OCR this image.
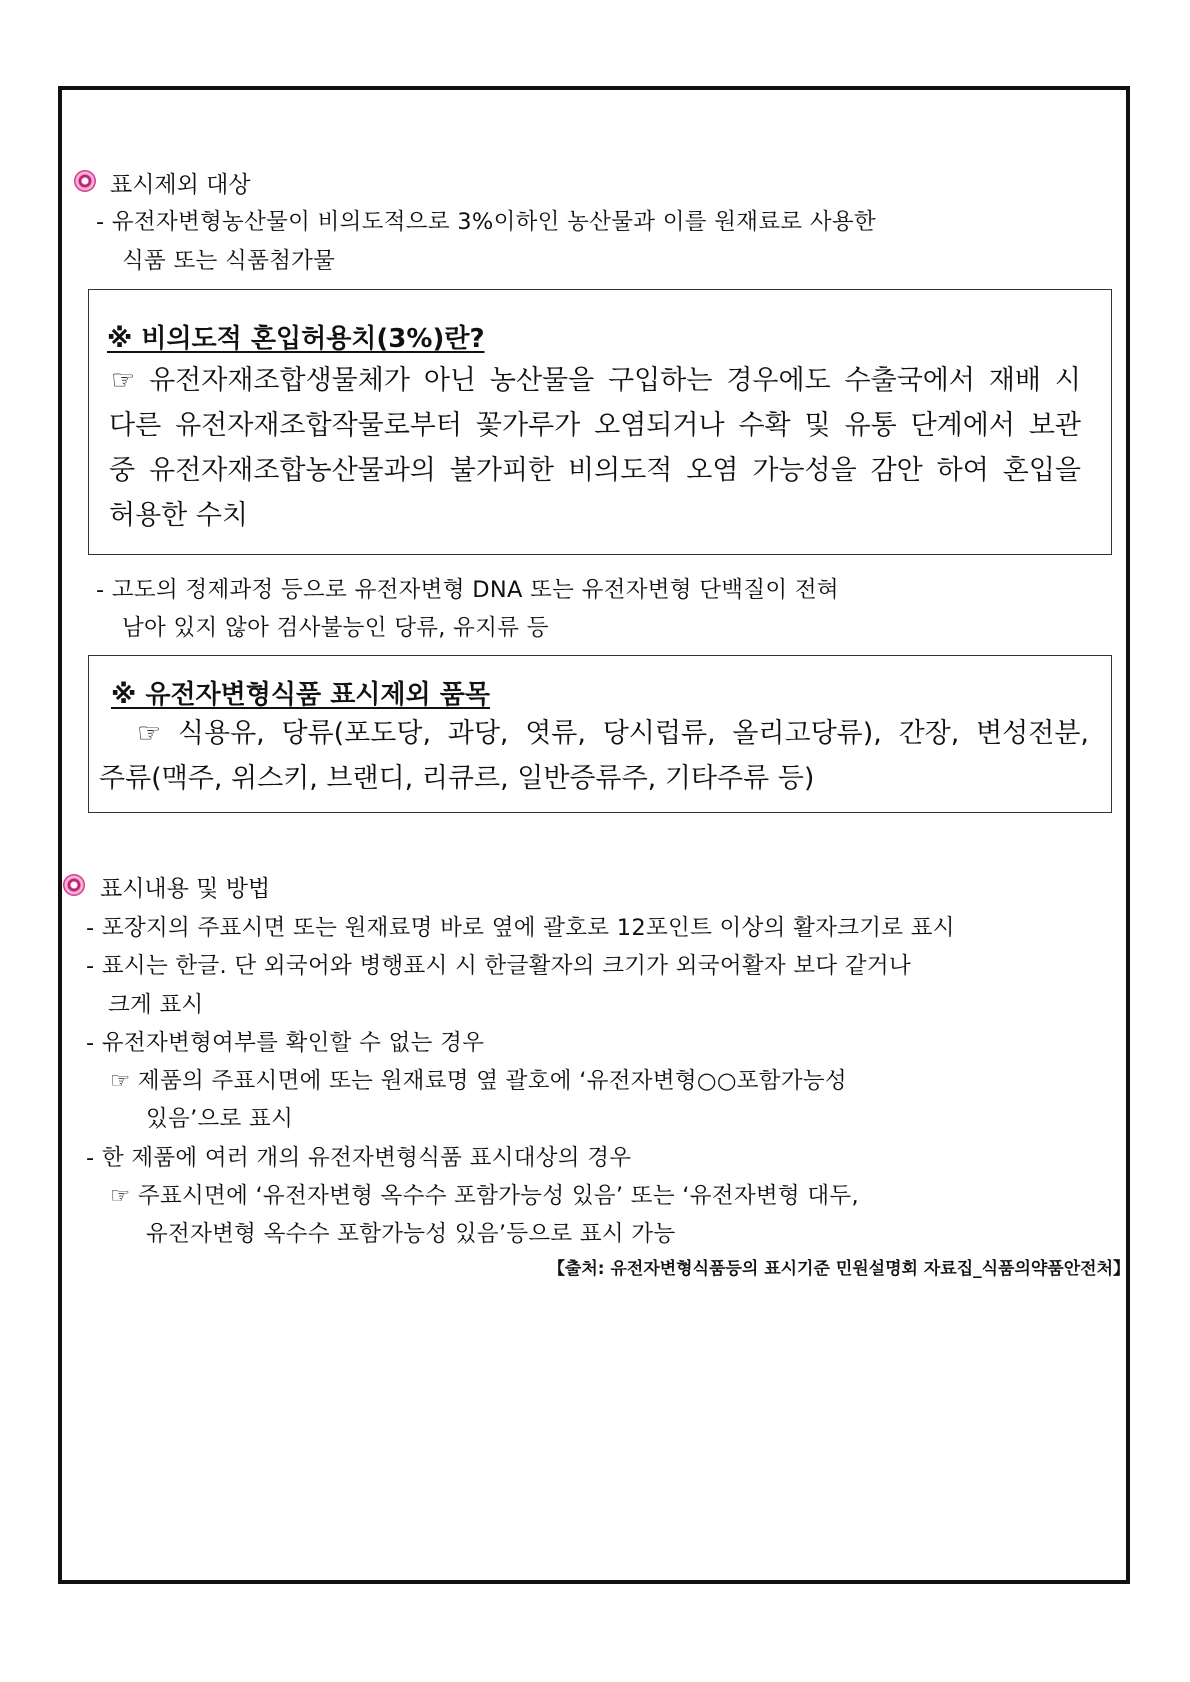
표시제외 대상
- 유전자변형농산물이 비의도적으로 3%이하인 농산물과 이를 원재료로 사용한
식품 또는 식품첨가물
※ 비의도적 혼입허용치(3%)란?
☞ 유전자재조합생물체가 아닌 농산물을 구입하는 경우에도 수출국에서 재배 시
다른 유전자재조합작물로부터 꽃가루가 오염되거나 수확 및 유통 단계에서 보관
중 유전자재조합농산물과의 불가피한 비의도적 오염 가능성을 감안 하여 혼입을
허용한 수치
- 고도의 정제과정 등으로 유전자변형 DNA 또는 유전자변형 단백질이 전혀
남아 있지 않아 검사불능인 당류, 유지류 등
※ 유전자변형식품 표시제외 품목
☞ 식용유, 당류(포도당, 과당, 엿류, 당시럽류, 올리고당류), 간장, 변성전분,
주류(맥주, 위스키, 브랜디, 리큐르, 일반증류주, 기타주류 등)
표시내용 및 방법
- 포장지의 주표시면 또는 원재료명 바로 옆에 괄호로 12포인트 이상의 활자크기로 표시
- 표시는 한글. 단 외국어와 병행표시 시 한글활자의 크기가 외국어활자 보다 같거나
크게 표시
- 유전자변형여부를 확인할 수 없는 경우
☞ 제품의 주표시면에 또는 원재료명 옆 괄호에 ‘유전자변형○○포함가능성
있음’으로 표시
- 한 제품에 여러 개의 유전자변형식품 표시대상의 경우
☞ 주표시면에 ‘유전자변형 옥수수 포함가능성 있음’ 또는 ‘유전자변형 대두,
유전자변형 옥수수 포함가능성 있음’등으로 표시 가능
【출처: 유전자변형식품등의 표시기준 민원설명회 자료집_식품의약품안전처】
